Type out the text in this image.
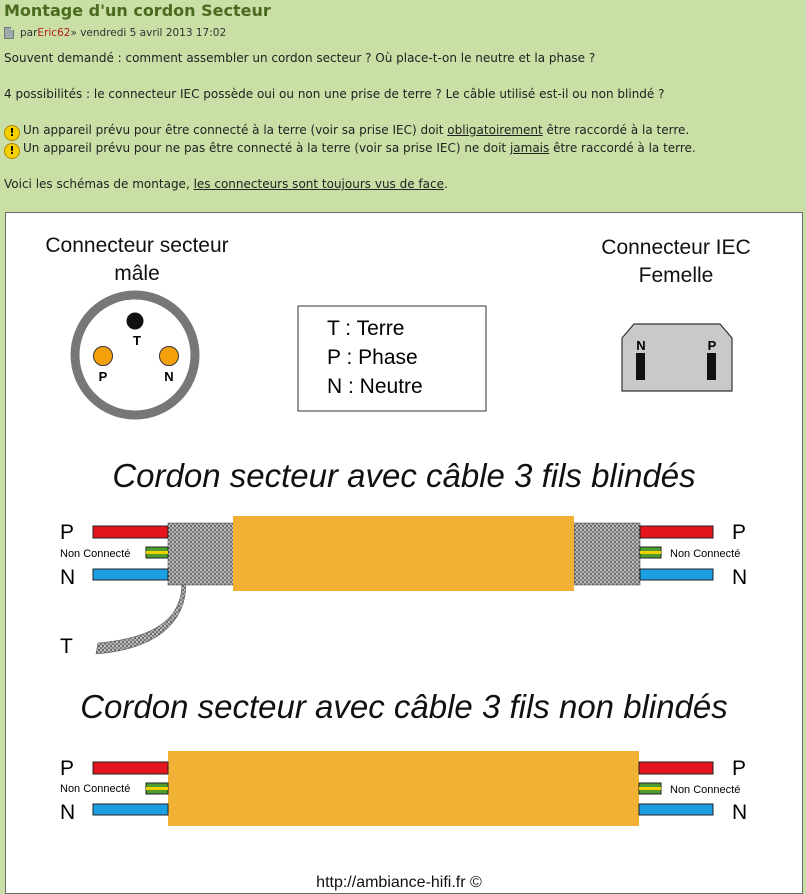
Montage d'un cordon Secteur
par Eric62 » vendredi 5 avril 2013 17:02
Souvent demandé : comment assembler un cordon secteur ? Où place-t-on le neutre et la phase ?
4 possibilités : le connecteur IEC possède oui ou non une prise de terre ? Le câble utilisé est-il ou non blindé ?
! Un appareil prévu pour être connecté à la terre (voir sa prise IEC) doit obligatoirement être raccordé à la terre.
! Un appareil prévu pour ne pas être connecté à la terre (voir sa prise IEC) ne doit jamais être raccordé à la terre.
Voici les schémas de montage, les connecteurs sont toujours vus de face.
Connecteur secteur
mâle
T
P	N
T : Terre
P : Phase
N : Neutre
Connecteur IEC
Femelle
N	P
Cordon secteur avec câble 3 fils blindés
P
Non Connecté
N
T
P
Non Connecté
N
Cordon secteur avec câble 3 fils non blindés
P
Non Connecté
N
P
Non Connecté
N
http://ambiance-hifi.fr ©
